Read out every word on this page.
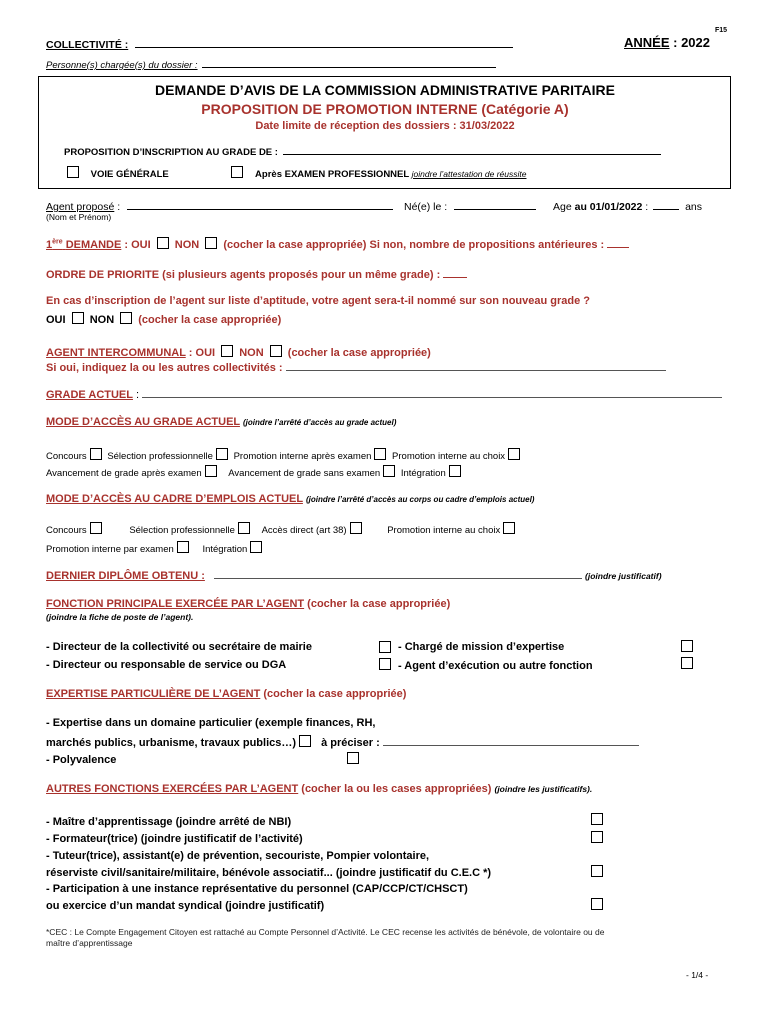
F15
COLLECTIVITÉ :	ANNÉE : 2022
Personne(s) chargée(s) du dossier :
DEMANDE D’AVIS DE LA COMMISSION ADMINISTRATIVE PARITAIRE
PROPOSITION DE PROMOTION INTERNE (Catégorie A)
Date limite de réception des dossiers : 31/03/2022
PROPOSITION D’INSCRIPTION AU GRADE DE :
VOIE GÉNÉRALE	Après EXAMEN PROFESSIONNEL joindre l’attestation de réussite
Agent proposé :	Né(e) le :	Age au 01/01/2022 :	ans
(Nom et Prénom)
1ère DEMANDE : OUI NON (cocher la case appropriée) Si non, nombre de propositions antérieures :
ORDRE DE PRIORITE (si plusieurs agents proposés pour un même grade) :
En cas d’inscription de l’agent sur liste d’aptitude, votre agent sera-t-il nommé sur son nouveau grade ?
OUI NON (cocher la case appropriée)
AGENT INTERCOMMUNAL : OUI NON (cocher la case appropriée)
Si oui, indiquez la ou les autres collectivités :
GRADE ACTUEL :
MODE D’ACCÈS AU GRADE ACTUEL (joindre l’arrêté d’accès au grade actuel)
Concours Sélection professionnelle Promotion interne après examen Promotion interne au choix
Avancement de grade après examen	Avancement de grade sans examen Intégration
MODE D’ACCÈS AU CADRE D’EMPLOIS ACTUEL (joindre l’arrêté d’accès au corps ou cadre d’emplois actuel)
Concours	Sélection professionnelle	Accès direct (art 38)	Promotion interne au choix
Promotion interne par examen	Intégration
DERNIER DIPLÔME OBTENU :	(joindre justificatif)
FONCTION PRINCIPALE EXERCÉE PAR L’AGENT (cocher la case appropriée)
(joindre la fiche de poste de l’agent).
- Directeur de la collectivité ou secrétaire de mairie	- Chargé de mission d’expertise
- Directeur ou responsable de service ou DGA	- Agent d’exécution ou autre fonction
EXPERTISE PARTICULIÈRE DE L’AGENT (cocher la case appropriée)
- Expertise dans un domaine particulier (exemple finances, RH,
marchés publics, urbanisme, travaux publics…) à préciser :
- Polyvalence
AUTRES FONCTIONS EXERCÉES PAR L’AGENT (cocher la ou les cases appropriées) (joindre les justificatifs).
- Maître d’apprentissage (joindre arrêté de NBI)
- Formateur(trice) (joindre justificatif de l’activité)
- Tuteur(trice), assistant(e) de prévention, secouriste, Pompier volontaire,
réserviste civil/sanitaire/militaire, bénévole associatif... (joindre justificatif du C.E.C *)
- Participation à une instance représentative du personnel (CAP/CCP/CT/CHSCT)
ou exercice d’un mandat syndical (joindre justificatif)
*CEC : Le Compte Engagement Citoyen est rattaché au Compte Personnel d’Activité. Le CEC recense les activités de bénévole, de volontaire ou de
maître d’apprentissage
- 1/4 -
